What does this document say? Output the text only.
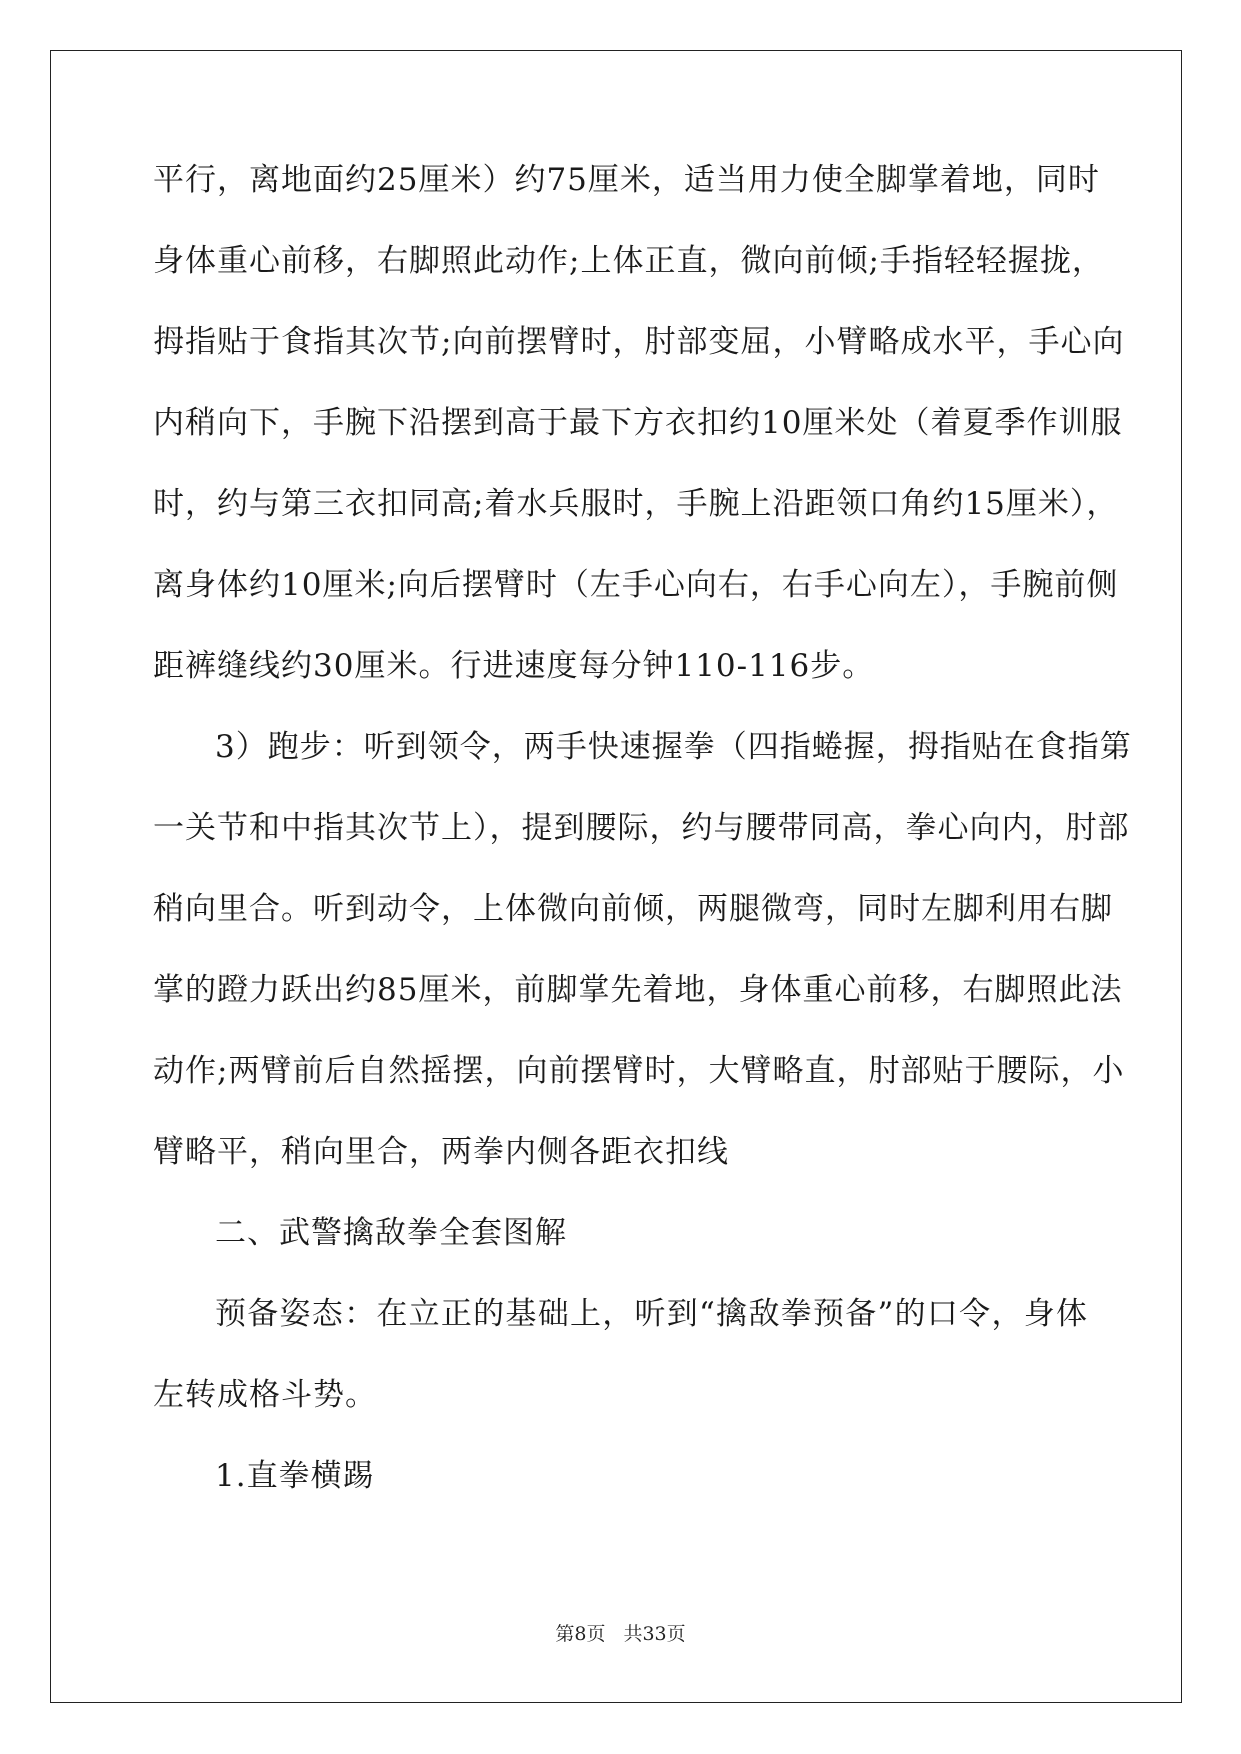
平行，离地面约25厘米）约75厘米，适当用力使全脚掌着地，同时
身体重心前移，右脚照此动作;上体正直，微向前倾;手指轻轻握拢，
拇指贴于食指其次节;向前摆臂时，肘部变屈，小臂略成水平，手心向
内稍向下，手腕下沿摆到高于最下方衣扣约10厘米处（着夏季作训服
时，约与第三衣扣同高;着水兵服时，手腕上沿距领口角约15厘米），
离身体约10厘米;向后摆臂时（左手心向右，右手心向左），手腕前侧
距裤缝线约30厘米。行进速度每分钟110-116步。
3）跑步：听到领令，两手快速握拳（四指蜷握，拇指贴在食指第
一关节和中指其次节上），提到腰际，约与腰带同高，拳心向内，肘部
稍向里合。听到动令，上体微向前倾，两腿微弯，同时左脚利用右脚
掌的蹬力跃出约85厘米，前脚掌先着地，身体重心前移，右脚照此法
动作;两臂前后自然摇摆，向前摆臂时，大臂略直，肘部贴于腰际，小
臂略平，稍向里合，两拳内侧各距衣扣线
二、武警擒敌拳全套图解
预备姿态：在立正的基础上，听到“擒敌拳预备”的口令，身体
左转成格斗势。
1.直拳横踢
第8页 共33页
